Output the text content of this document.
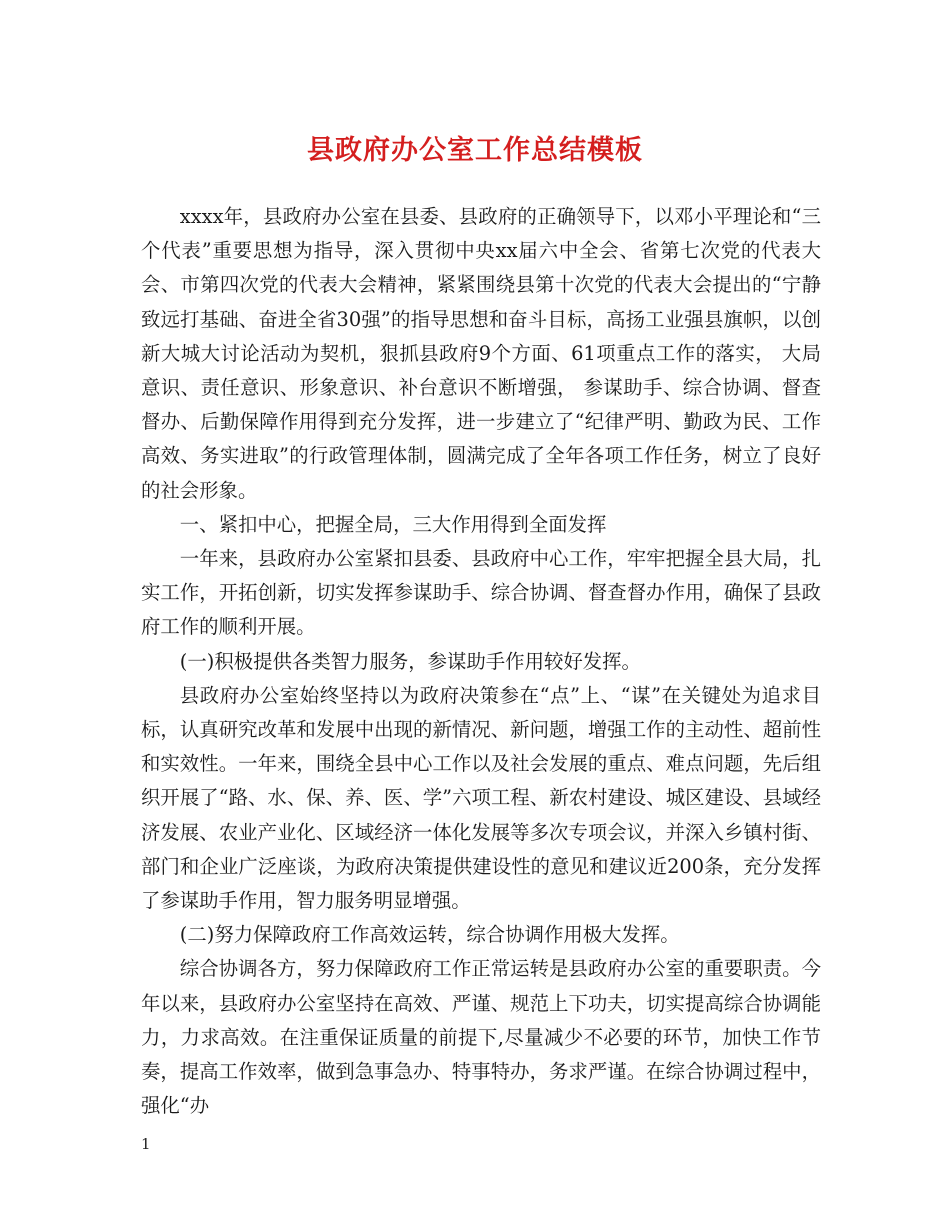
县政府办公室工作总结模板

xxxx年，县政府办公室在县委、县政府的正确领导下，以邓小平理论和“三个代表”重要思想为指导，深入贯彻中央xx届六中全会、省第七次党的代表大会、市第四次党的代表大会精神，紧紧围绕县第十次党的代表大会提出的“宁静致远打基础、奋进全省30强”的指导思想和奋斗目标，高扬工业强县旗帜，以创新大城大讨论活动为契机，狠抓县政府9个方面、61项重点工作的落实， 大局意识、责任意识、形象意识、补台意识不断增强， 参谋助手、综合协调、督查督办、后勤保障作用得到充分发挥，进一步建立了“纪律严明、勤政为民、工作高效、务实进取”的行政管理体制，圆满完成了全年各项工作任务，树立了良好的社会形象。

一、紧扣中心，把握全局，三大作用得到全面发挥

一年来，县政府办公室紧扣县委、县政府中心工作，牢牢把握全县大局，扎实工作，开拓创新，切实发挥参谋助手、综合协调、督查督办作用，确保了县政府工作的顺利开展。

(一)积极提供各类智力服务，参谋助手作用较好发挥。

县政府办公室始终坚持以为政府决策参在“点”上、“谋”在关键处为追求目标，认真研究改革和发展中出现的新情况、新问题，增强工作的主动性、超前性和实效性。一年来，围绕全县中心工作以及社会发展的重点、难点问题，先后组织开展了“路、水、保、养、医、学”六项工程、新农村建设、城区建设、县域经济发展、农业产业化、区域经济一体化发展等多次专项会议，并深入乡镇村街、部门和企业广泛座谈，为政府决策提供建设性的意见和建议近200条，充分发挥了参谋助手作用，智力服务明显增强。

(二)努力保障政府工作高效运转，综合协调作用极大发挥。

综合协调各方，努力保障政府工作正常运转是县政府办公室的重要职责。今年以来，县政府办公室坚持在高效、严谨、规范上下功夫，切实提高综合协调能力，力求高效。在注重保证质量的前提下,尽量减少不必要的环节，加快工作节奏，提高工作效率，做到急事急办、特事特办，务求严谨。在综合协调过程中，强化“办

1
